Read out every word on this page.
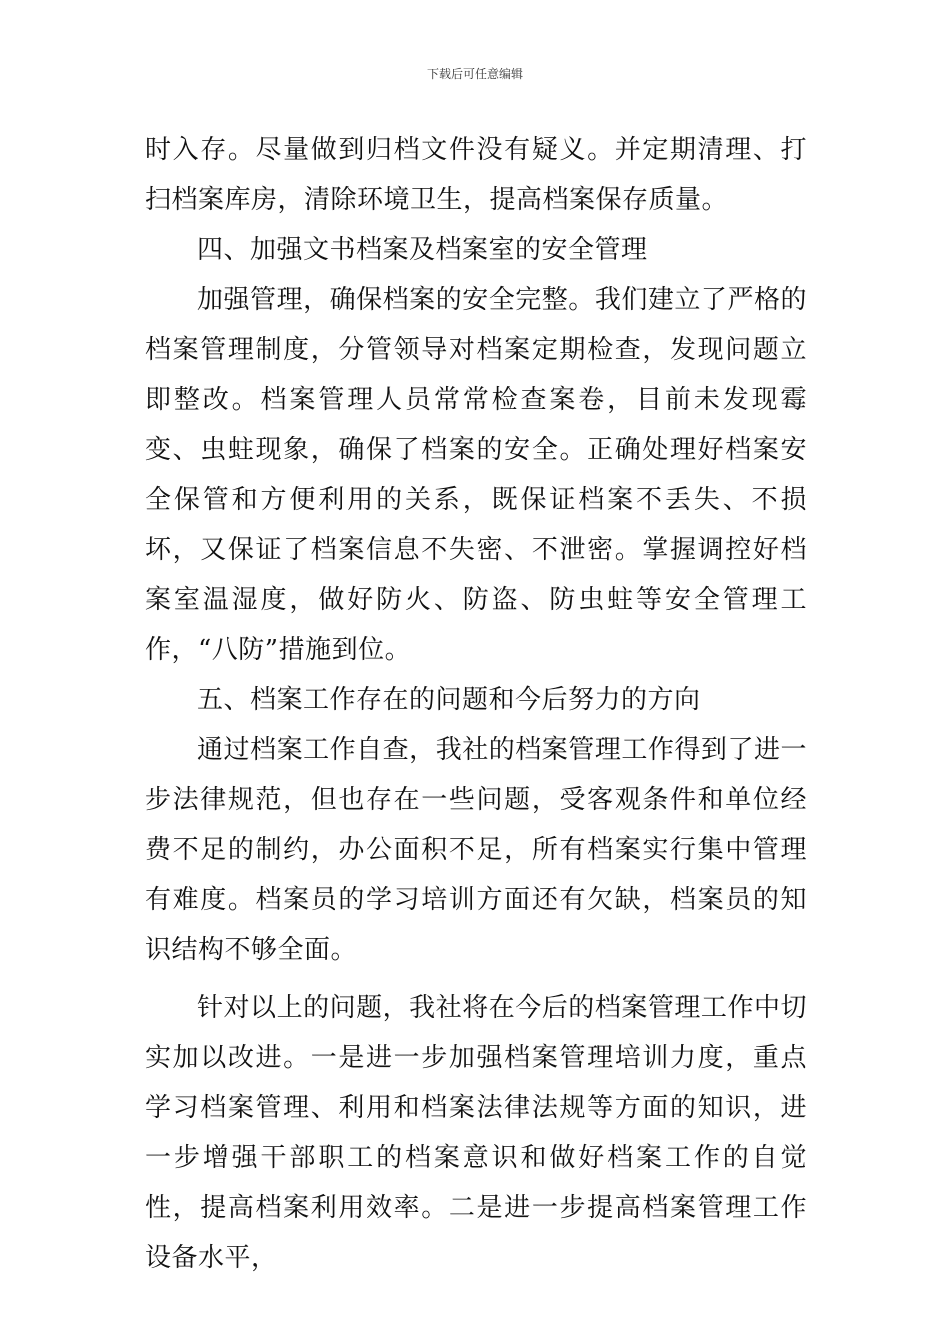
下载后可任意编辑

时入存。尽量做到归档文件没有疑义。并定期清理、打扫档案库房，清除环境卫生，提高档案保存质量。

四、加强文书档案及档案室的安全管理

加强管理，确保档案的安全完整。我们建立了严格的档案管理制度，分管领导对档案定期检查，发现问题立即整改。档案管理人员常常检查案卷，目前未发现霉变、虫蛀现象，确保了档案的安全。正确处理好档案安全保管和方便利用的关系，既保证档案不丢失、不损坏，又保证了档案信息不失密、不泄密。掌握调控好档案室温湿度，做好防火、防盗、防虫蛀等安全管理工作，“八防”措施到位。

五、档案工作存在的问题和今后努力的方向

通过档案工作自查，我社的档案管理工作得到了进一步法律规范，但也存在一些问题，受客观条件和单位经费不足的制约，办公面积不足，所有档案实行集中管理有难度。档案员的学习培训方面还有欠缺，档案员的知识结构不够全面。

针对以上的问题，我社将在今后的档案管理工作中切实加以改进。一是进一步加强档案管理培训力度，重点学习档案管理、利用和档案法律法规等方面的知识，进一步增强干部职工的档案意识和做好档案工作的自觉性，提高档案利用效率。二是进一步提高档案管理工作设备水平，
